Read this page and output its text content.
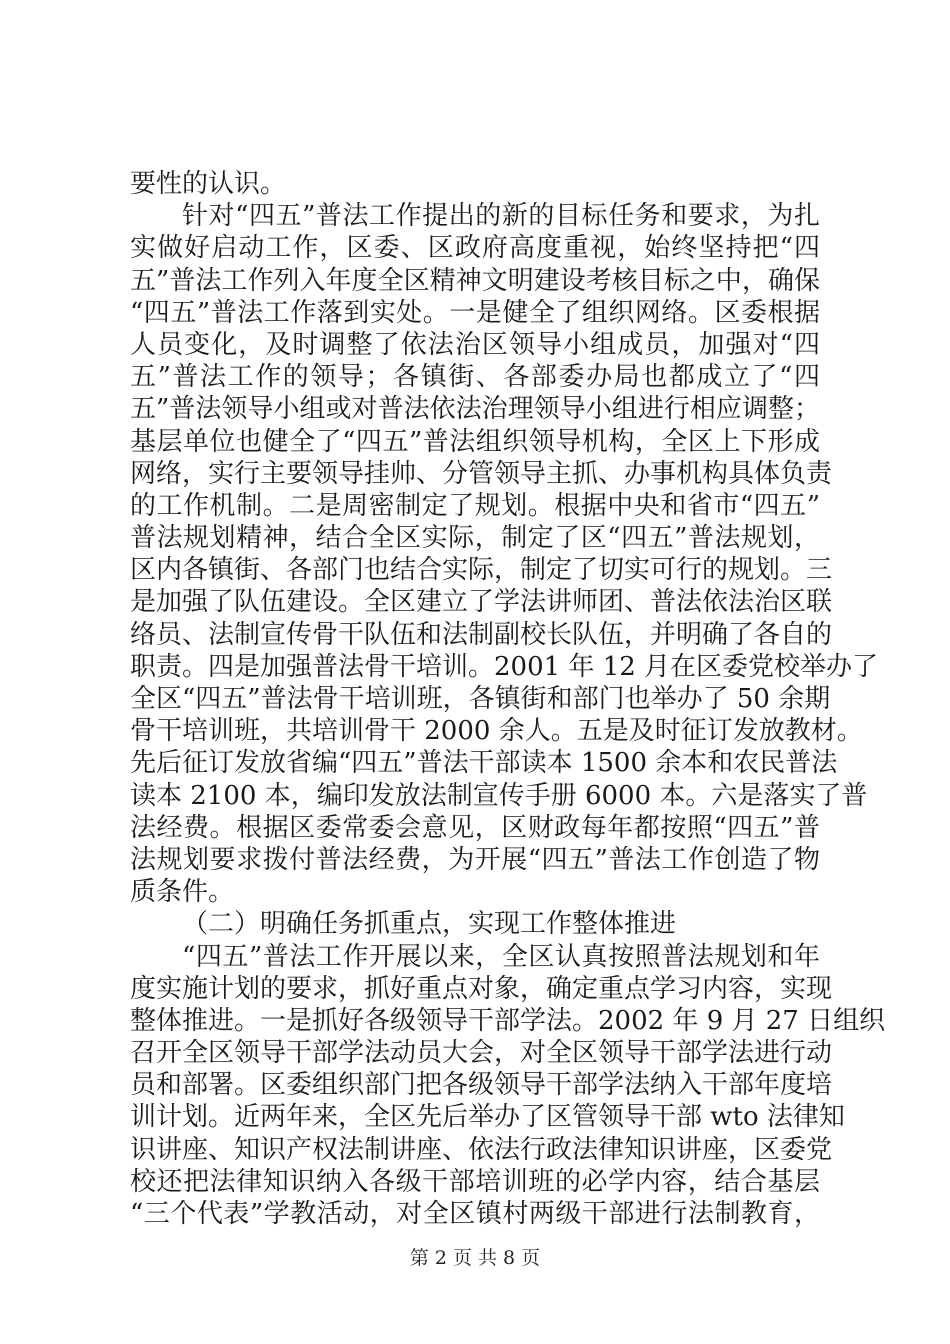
要性的认识。
针对“四五”普法工作提出的新的目标任务和要求，为扎
实做好启动工作，区委、区政府高度重视，始终坚持把“四
五”普法工作列入年度全区精神文明建设考核目标之中，确保
“四五”普法工作落到实处。一是健全了组织网络。区委根据
人员变化，及时调整了依法治区领导小组成员，加强对“四
五”普法工作的领导；各镇街、各部委办局也都成立了“四
五”普法领导小组或对普法依法治理领导小组进行相应调整；
基层单位也健全了“四五”普法组织领导机构，全区上下形成
网络，实行主要领导挂帅、分管领导主抓、办事机构具体负责
的工作机制。二是周密制定了规划。根据中央和省市“四五”
普法规划精神，结合全区实际，制定了区“四五”普法规划，
区内各镇街、各部门也结合实际，制定了切实可行的规划。三
是加强了队伍建设。全区建立了学法讲师团、普法依法治区联
络员、法制宣传骨干队伍和法制副校长队伍，并明确了各自的
职责。四是加强普法骨干培训。2001 年 12 月在区委党校举办了
全区“四五”普法骨干培训班，各镇街和部门也举办了 50 余期
骨干培训班，共培训骨干 2000 余人。五是及时征订发放教材。
先后征订发放省编“四五”普法干部读本 1500 余本和农民普法
读本 2100 本，编印发放法制宣传手册 6000 本。六是落实了普
法经费。根据区委常委会意见，区财政每年都按照“四五”普
法规划要求拨付普法经费，为开展“四五”普法工作创造了物
质条件。
（二）明确任务抓重点，实现工作整体推进
“四五”普法工作开展以来，全区认真按照普法规划和年
度实施计划的要求，抓好重点对象，确定重点学习内容，实现
整体推进。一是抓好各级领导干部学法。2002 年 9 月 27 日组织
召开全区领导干部学法动员大会，对全区领导干部学法进行动
员和部署。区委组织部门把各级领导干部学法纳入干部年度培
训计划。近两年来，全区先后举办了区管领导干部 wto 法律知
识讲座、知识产权法制讲座、依法行政法律知识讲座，区委党
校还把法律知识纳入各级干部培训班的必学内容，结合基层
“三个代表”学教活动，对全区镇村两级干部进行法制教育，
第 2 页 共 8 页
